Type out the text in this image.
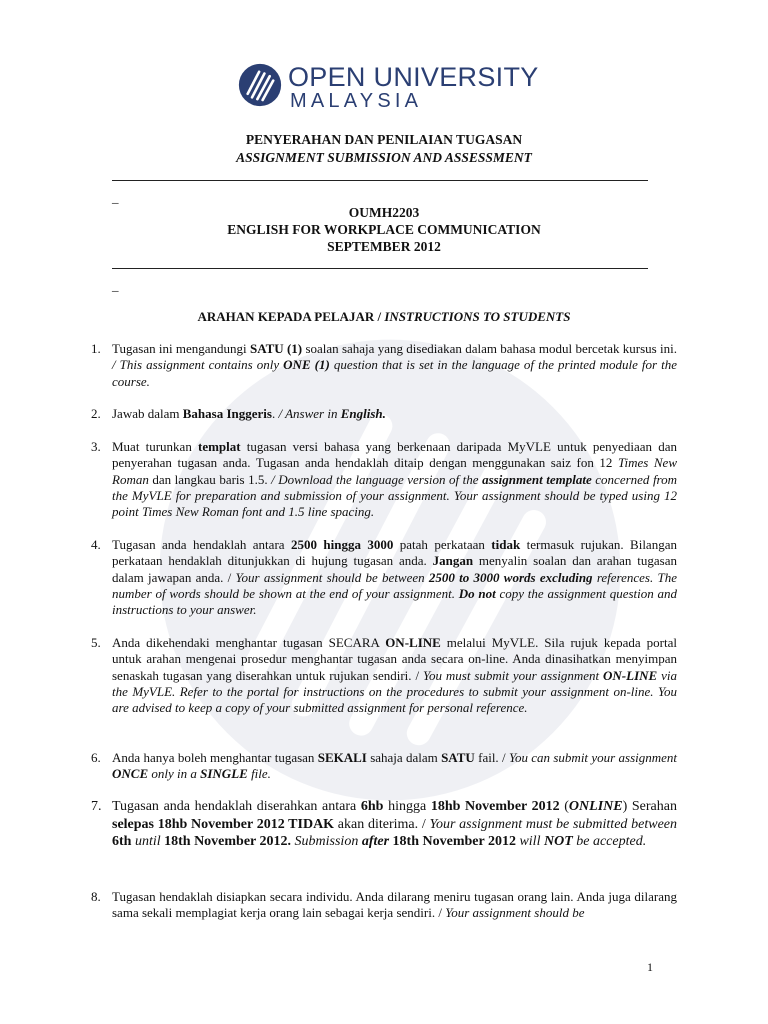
OPEN UNIVERSITY
MALAYSIA
PENYERAHAN DAN PENILAIAN TUGASAN
ASSIGNMENT SUBMISSION AND ASSESSMENT
_
OUMH2203
ENGLISH FOR WORKPLACE COMMUNICATION
SEPTEMBER 2012
_
ARAHAN KEPADA PELAJAR / INSTRUCTIONS TO STUDENTS
1. Tugasan ini mengandungi SATU (1) soalan sahaja yang disediakan dalam bahasa modul bercetak kursus ini. / This assignment contains only ONE (1) question that is set in the language of the printed module for the course.
2. Jawab dalam Bahasa Inggeris. / Answer in English.
3. Muat turunkan templat tugasan versi bahasa yang berkenaan daripada MyVLE untuk penyediaan dan penyerahan tugasan anda. Tugasan anda hendaklah ditaip dengan menggunakan saiz fon 12 Times New Roman dan langkau baris 1.5. / Download the language version of the assignment template concerned from the MyVLE for preparation and submission of your assignment. Your assignment should be typed using 12 point Times New Roman font and 1.5 line spacing.
4. Tugasan anda hendaklah antara 2500 hingga 3000 patah perkataan tidak termasuk rujukan. Bilangan perkataan hendaklah ditunjukkan di hujung tugasan anda. Jangan menyalin soalan dan arahan tugasan dalam jawapan anda. / Your assignment should be between 2500 to 3000 words excluding references. The number of words should be shown at the end of your assignment. Do not copy the assignment question and instructions to your answer.
5. Anda dikehendaki menghantar tugasan SECARA ON-LINE melalui MyVLE. Sila rujuk kepada portal untuk arahan mengenai prosedur menghantar tugasan anda secara on-line. Anda dinasihatkan menyimpan senaskah tugasan yang diserahkan untuk rujukan sendiri. / You must submit your assignment ON-LINE via the MyVLE. Refer to the portal for instructions on the procedures to submit your assignment on-line. You are advised to keep a copy of your submitted assignment for personal reference.
6. Anda hanya boleh menghantar tugasan SEKALI sahaja dalam SATU fail. / You can submit your assignment ONCE only in a SINGLE file.
7. Tugasan anda hendaklah diserahkan antara 6hb hingga 18hb November 2012 (ONLINE) Serahan selepas 18hb November 2012 TIDAK akan diterima. / Your assignment must be submitted between 6th until 18th November 2012. Submission after 18th November 2012 will NOT be accepted.
8. Tugasan hendaklah disiapkan secara individu. Anda dilarang meniru tugasan orang lain. Anda juga dilarang sama sekali memplagiat kerja orang lain sebagai kerja sendiri. / Your assignment should be
1
